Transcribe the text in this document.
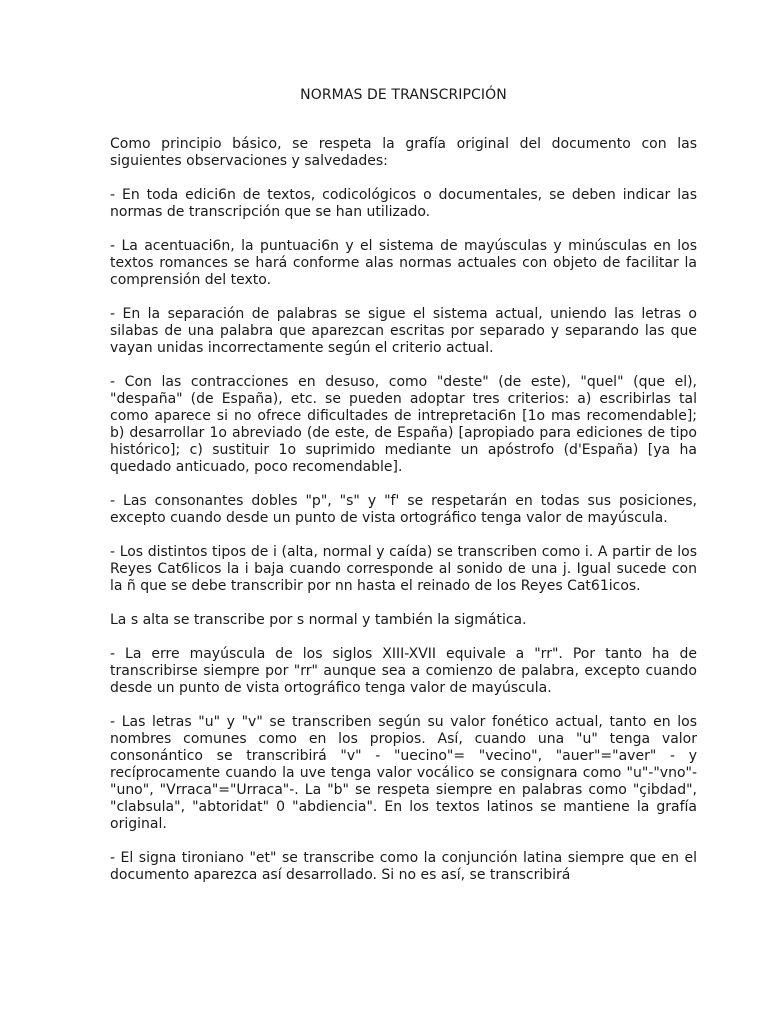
NORMAS DE TRANSCRIPCIÓN

Como principio básico, se respeta la grafía original del documento con las siguientes observaciones y salvedades:

- En toda edici6n de textos, codicológicos o documentales, se deben indicar las normas de transcripción que se han utilizado.

- La acentuaci6n, la puntuaci6n y el sistema de mayúsculas y minúsculas en los textos romances se hará conforme alas normas actuales con objeto de facilitar la comprensión del texto.

- En la separación de palabras se sigue el sistema actual, uniendo las letras o silabas de una palabra que aparezcan escritas por separado y separando las que vayan unidas incorrectamente según el criterio actual.

- Con las contracciones en desuso, como "deste" (de este), "quel" (que el), "despaña" (de España), etc. se pueden adoptar tres criterios: a) escribirlas tal como aparece si no ofrece dificultades de intrepretaci6n [1o mas recomendable]; b) desarrollar 1o abreviado (de este, de España) [apropiado para ediciones de tipo histórico]; c) sustituir 1o suprimido mediante un apóstrofo (d'España) [ya ha quedado anticuado, poco recomendable].

- Las consonantes dobles "p", "s" y "f' se respetarán en todas sus posiciones, excepto cuando desde un punto de vista ortográfico tenga valor de mayúscula.

- Los distintos tipos de i (alta, normal y caída) se transcriben como i. A partir de los Reyes Cat6licos la i baja cuando corresponde al sonido de una j. Igual sucede con la ñ que se debe transcribir por nn hasta el reinado de los Reyes Cat61icos.

La s alta se transcribe por s normal y también la sigmática.

- La erre mayúscula de los siglos XIII-XVII equivale a "rr". Por tanto ha de transcribirse siempre por "rr" aunque sea a comienzo de palabra, excepto cuando desde un punto de vista ortográfico tenga valor de mayúscula.

- Las letras "u" y "v" se transcriben según su valor fonético actual, tanto en los nombres comunes como en los propios. Así, cuando una "u" tenga valor consonántico se transcribirá "v" - "uecino"= "vecino", "auer"="aver" - y recíprocamente cuando la uve tenga valor vocálico se consignara como "u"-"vno"-"uno", "Vrraca"="Urraca"-. La "b" se respeta siempre en palabras como "çibdad", "clabsula", "abtoridat" 0 "abdiencia". En los textos latinos se mantiene la grafía original.

- El signa tironiano "et" se transcribe como la conjunción latina siempre que en el documento aparezca así desarrollado. Si no es así, se transcribirá
